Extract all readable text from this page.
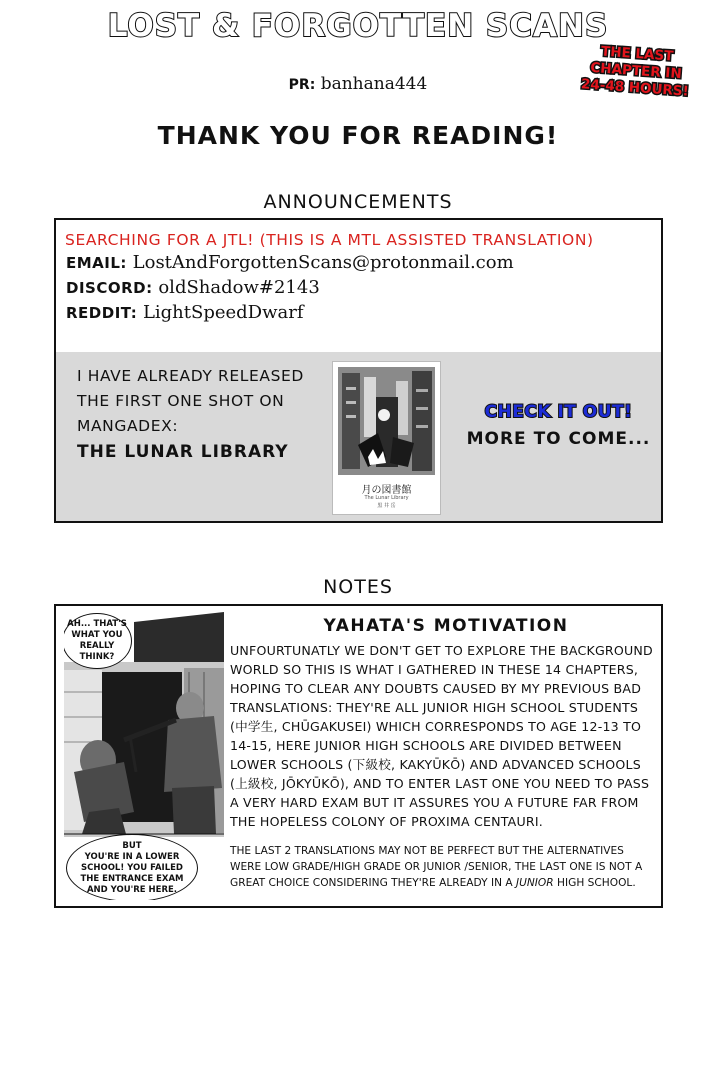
LOST & FORGOTTEN SCANS
THE LAST
CHAPTER IN
24-48 HOURS!
PR: banhana444
THANK YOU FOR READING!
ANNOUNCEMENTS
SEARCHING FOR A JTL! (THIS IS A MTL ASSISTED TRANSLATION)
EMAIL: LostAndForgottenScans@protonmail.com
DISCORD: oldShadow#2143
REDDIT: LightSpeedDwarf
I HAVE ALREADY RELEASED
THE FIRST ONE SHOT ON
MANGADEX:
THE LUNAR LIBRARY
月の図書館
The Lunar Library
黒 井 岳
CHECK IT OUT!
MORE TO COME...
NOTES
AH... THAT'S
WHAT YOU
REALLY
THINK?
BUT
YOU'RE IN A LOWER
SCHOOL! YOU FAILED
THE ENTRANCE EXAM
AND YOU'RE HERE.
YAHATA'S MOTIVATION

UNFOURTUNATLY WE DON'T GET TO EXPLORE THE BACKGROUND WORLD SO THIS IS WHAT I GATHERED IN THESE 14 CHAPTERS, HOPING TO CLEAR ANY DOUBTS CAUSED BY MY PREVIOUS BAD TRANSLATIONS: THEY'RE ALL JUNIOR HIGH SCHOOL STUDENTS (中学生, CHŪGAKUSEI) WHICH CORRESPONDS TO AGE 12-13 TO 14-15, HERE JUNIOR HIGH SCHOOLS ARE DIVIDED BETWEEN LOWER SCHOOLS (下級校, KAKYŪKŌ) AND ADVANCED SCHOOLS (上級校, JŌKYŪKŌ), AND TO ENTER LAST ONE YOU NEED TO PASS A VERY HARD EXAM BUT IT ASSURES YOU A FUTURE FAR FROM THE HOPELESS COLONY OF PROXIMA CENTAURI.

THE LAST 2 TRANSLATIONS MAY NOT BE PERFECT BUT THE ALTERNATIVES WERE LOW GRADE/HIGH GRADE OR JUNIOR /SENIOR, THE LAST ONE IS NOT A GREAT CHOICE CONSIDERING THEY'RE ALREADY IN A JUNIOR HIGH SCHOOL.
